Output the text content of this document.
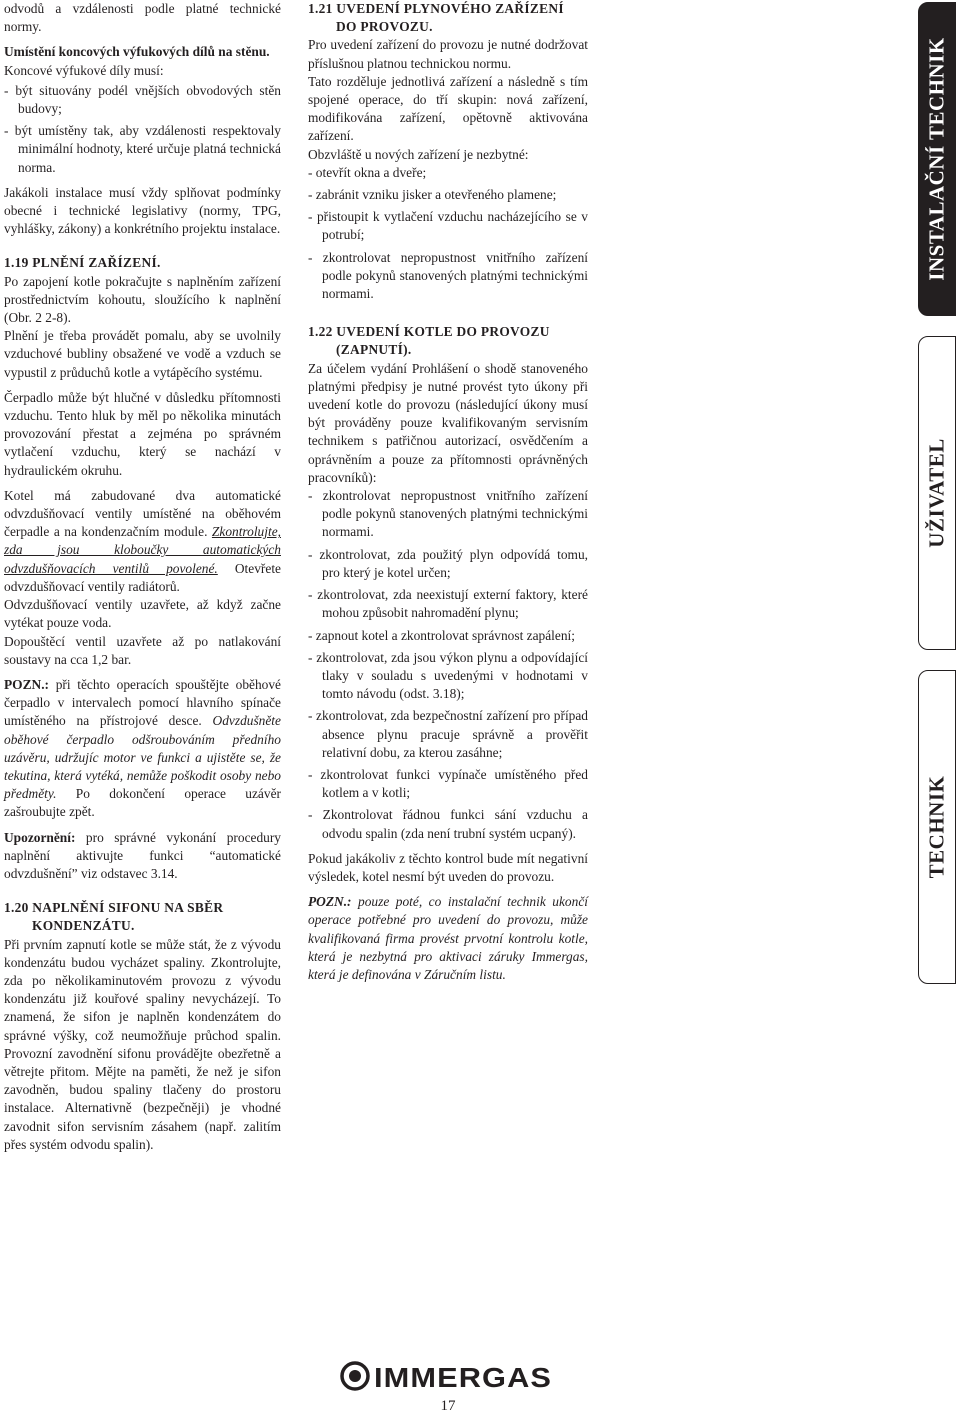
odvodů a vzdálenosti podle platné technické normy.

Umístění koncových výfukových dílů na stěnu.

Koncové výfukové díly musí:

- být situovány podél vnějších obvodových stěn budovy;

- být umístěny tak, aby vzdálenosti respektovaly minimální hodnoty, které určuje platná technická norma.

Jakákoli instalace musí vždy splňovat podmínky obecné i technické legislativy (normy, TPG, vyhlášky, zákony) a konkrétního projektu instalace.

1.19 PLNĚNÍ ZAŘÍZENÍ.

Po zapojení kotle pokračujte s naplněním zařízení prostřednictvím kohoutu, sloužícího k naplnění (Obr. 2 2-8).

Plnění je třeba provádět pomalu, aby se uvolnily vzduchové bubliny obsažené ve vodě a vzduch se vypustil z průduchů kotle a vytápěcího systému.

Čerpadlo může být hlučné v důsledku přítomnosti vzduchu. Tento hluk by měl po několika minutách provozování přestat a zejména po správném vytlačení vzduchu, který se nachází v hydraulickém okruhu.

Kotel má zabudované dva automatické odvzdušňovací ventily umístěné na oběhovém čerpadle a na kondenzačním module. Zkontrolujte, zda jsou kloboučky automatických odvzdušňovacích ventilů povolené. Otevřete odvzdušňovací ventily radiátorů.

Odvzdušňovací ventily uzavřete, až když začne vytékat pouze voda.

Dopouštěcí ventil uzavřete až po natlakování soustavy na cca 1,2 bar.

POZN.: při těchto operacích spouštějte oběhové čerpadlo v intervalech pomocí hlavního spínače umístěného na přístrojové desce. Odvzdušněte oběhové čerpadlo odšroubováním předního uzávěru, udržujíc motor ve funkci a ujistěte se, že tekutina, která vytéká, nemůže poškodit osoby nebo předměty. Po dokončení operace uzávěr zašroubujte zpět.

Upozornění: pro správné vykonání procedury naplnění aktivujte funkci “automatické odvzdušnění” viz odstavec 3.14.

1.20 NAPLNĚNÍ SIFONU NA SBĚR
KONDENZÁTU.

Při prvním zapnutí kotle se může stát, že z vývodu kondenzátu budou vycházet spaliny. Zkontrolujte, zda po několikaminutovém provozu z vývodu kondenzátu již kouřové spaliny nevycházejí. To znamená, že sifon je naplněn kondenzátem do správné výšky, což neumožňuje průchod spalin. Provozní zavodnění sifonu provádějte obezřetně a větrejte přitom. Mějte na paměti, že než je sifon zavodněn, budou spaliny tlačeny do prostoru instalace. Alternativně (bezpečněji) je vhodné zavodnit sifon servisním zásahem (např. zalitím přes systém odvodu spalin).

1.21 UVEDENÍ PLYNOVÉHO ZAŘÍZENÍ
DO PROVOZU.

Pro uvedení zařízení do provozu je nutné dodržovat příslušnou platnou technickou normu.

Tato rozděluje jednotlivá zařízení a následně s tím spojené operace, do tří skupin: nová zařízení, modifikována zařízení, opětovně aktivována zařízení.

Obzvláště u nových zařízení je nezbytné:

- otevřít okna a dveře;

- zabránit vzniku jisker a otevřeného plamene;

- přistoupit k vytlačení vzduchu nacházejícího se v potrubí;

- zkontrolovat nepropustnost vnitřního zařízení podle pokynů stanovených platnými technickými normami.

1.22 UVEDENÍ KOTLE DO PROVOZU
(ZAPNUTÍ).

Za účelem vydání Prohlášení o shodě stanoveného platnými předpisy je nutné provést tyto úkony při uvedení kotle do provozu (následující úkony musí být prováděny pouze kvalifikovaným servisním technikem s patřičnou autorizací, osvědčením a oprávněním a pouze za přítomnosti oprávněných pracovníků):

- zkontrolovat nepropustnost vnitřního zařízení podle pokynů stanovených platnými technickými normami.

- zkontrolovat, zda použitý plyn odpovídá tomu, pro který je kotel určen;

- zkontrolovat, zda neexistují externí faktory, které mohou způsobit nahromadění plynu;

- zapnout kotel a zkontrolovat správnost zapálení;

- zkontrolovat, zda jsou výkon plynu a odpovídající tlaky v souladu s uvedenými v hodnotami v tomto návodu (odst. 3.18);

- zkontrolovat, zda bezpečnostní zařízení pro případ absence plynu pracuje správně a prověřit relativní dobu, za kterou zasáhne;

- zkontrolovat funkci vypínače umístěného před kotlem a v kotli;

- Zkontrolovat řádnou funkci sání vzduchu a odvodu spalin (zda není trubní systém ucpaný).

Pokud jakákoliv z těchto kontrol bude mít negativní výsledek, kotel nesmí být uveden do provozu.

POZN.: pouze poté, co instalační technik ukončí operace potřebné pro uvedení do provozu, může kvalifikovaná firma provést prvotní kontrolu kotle, která je nezbytná pro aktivaci záruky Immergas, která je definována v Záručním listu.

INSTALAČNÍ TECHNIK
UŽIVATEL
TECHNIK
IMMERGAS
17
